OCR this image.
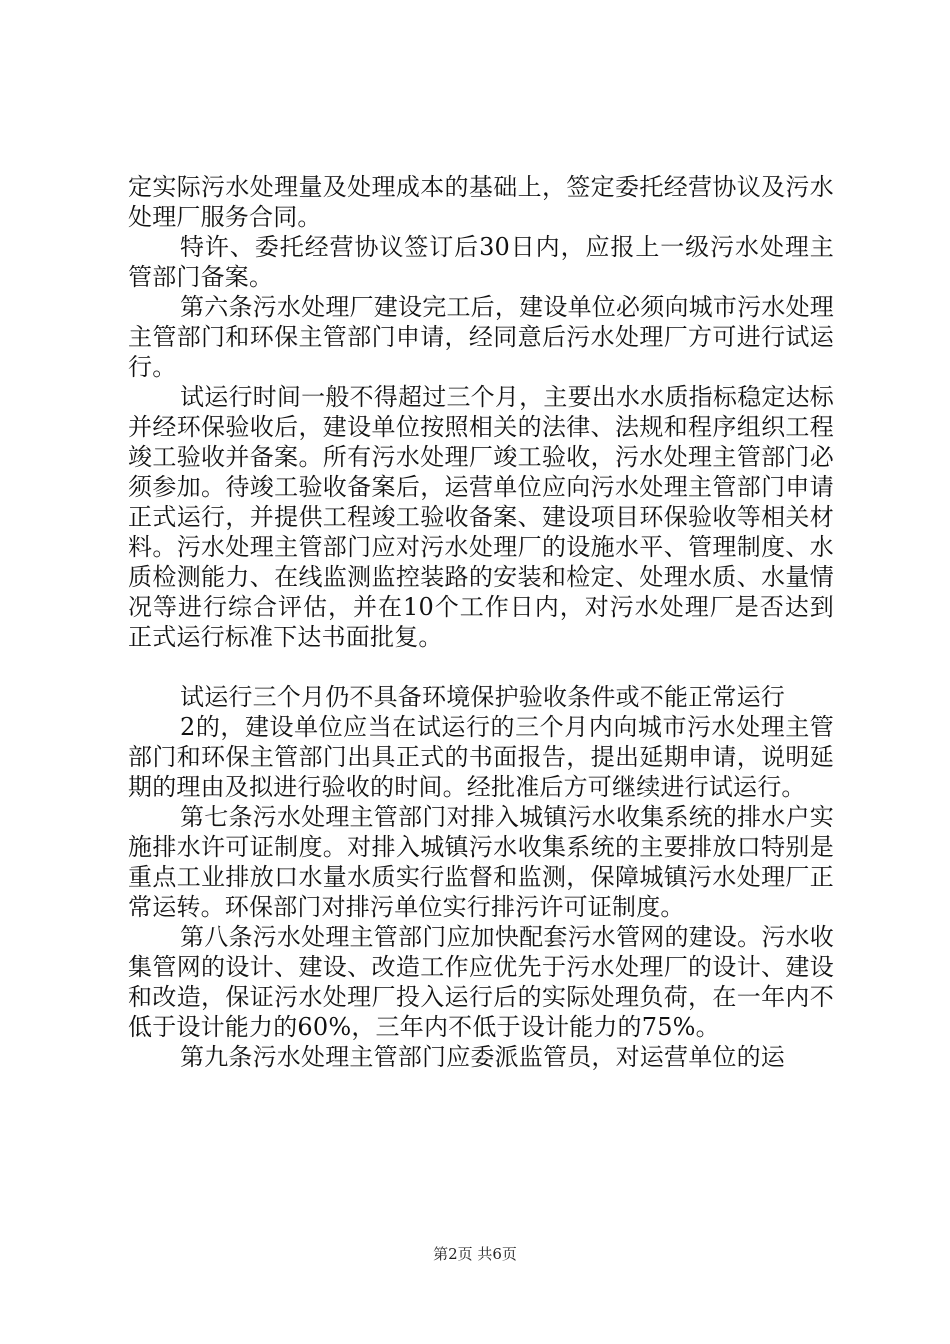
定实际污水处理量及处理成本的基础上，签定委托经营协议及污水处理厂服务合同。

特许、委托经营协议签订后30日内，应报上一级污水处理主管部门备案。

第六条污水处理厂建设完工后，建设单位必须向城市污水处理主管部门和环保主管部门申请，经同意后污水处理厂方可进行试运行。

试运行时间一般不得超过三个月，主要出水水质指标稳定达标并经环保验收后，建设单位按照相关的法律、法规和程序组织工程竣工验收并备案。所有污水处理厂竣工验收，污水处理主管部门必须参加。待竣工验收备案后，运营单位应向污水处理主管部门申请正式运行，并提供工程竣工验收备案、建设项目环保验收等相关材料。污水处理主管部门应对污水处理厂的设施水平、管理制度、水质检测能力、在线监测监控装路的安装和检定、处理水质、水量情况等进行综合评估，并在10个工作日内，对污水处理厂是否达到正式运行标准下达书面批复。

试运行三个月仍不具备环境保护验收条件或不能正常运行

2的，建设单位应当在试运行的三个月内向城市污水处理主管部门和环保主管部门出具正式的书面报告，提出延期申请，说明延期的理由及拟进行验收的时间。经批准后方可继续进行试运行。

第七条污水处理主管部门对排入城镇污水收集系统的排水户实施排水许可证制度。对排入城镇污水收集系统的主要排放口特别是重点工业排放口水量水质实行监督和监测，保障城镇污水处理厂正常运转。环保部门对排污单位实行排污许可证制度。

第八条污水处理主管部门应加快配套污水管网的建设。污水收集管网的设计、建设、改造工作应优先于污水处理厂的设计、建设和改造，保证污水处理厂投入运行后的实际处理负荷，在一年内不低于设计能力的60%，三年内不低于设计能力的75%。

第九条污水处理主管部门应委派监管员，对运营单位的运

第2页 共6页
